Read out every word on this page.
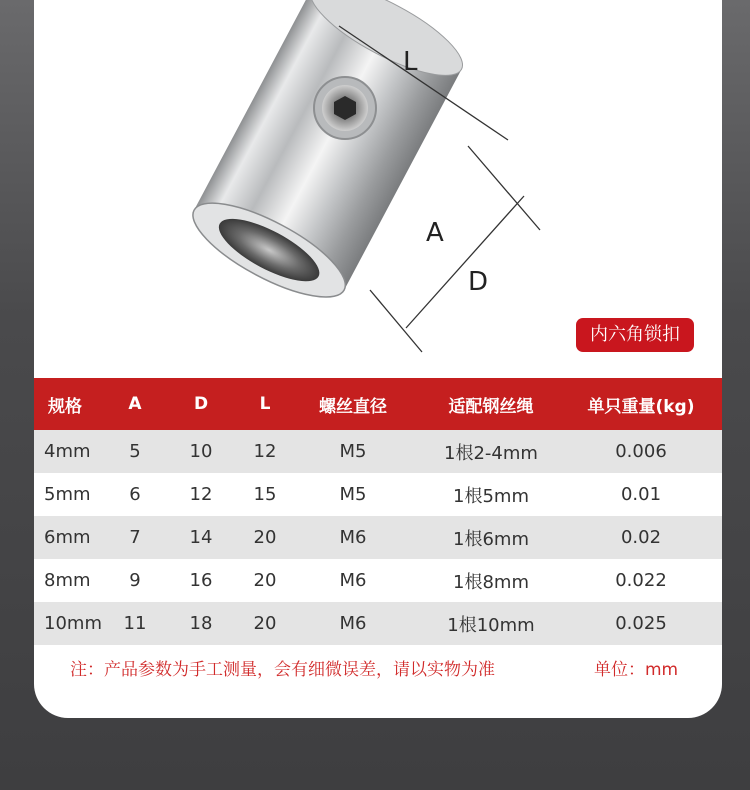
L
A
D
内六角锁扣
规格	A	D	L	螺丝直径	适配钢丝绳	单只重量(kg)
4mm	5	10	12	M5	1根2-4mm	0.006
5mm	6	12	15	M5	1根5mm	0.01
6mm	7	14	20	M6	1根6mm	0.02
8mm	9	16	20	M6	1根8mm	0.022
10mm	11	18	20	M6	1根10mm	0.025
注：产品参数为手工测量，会有细微误差，请以实物为准	单位：mm
